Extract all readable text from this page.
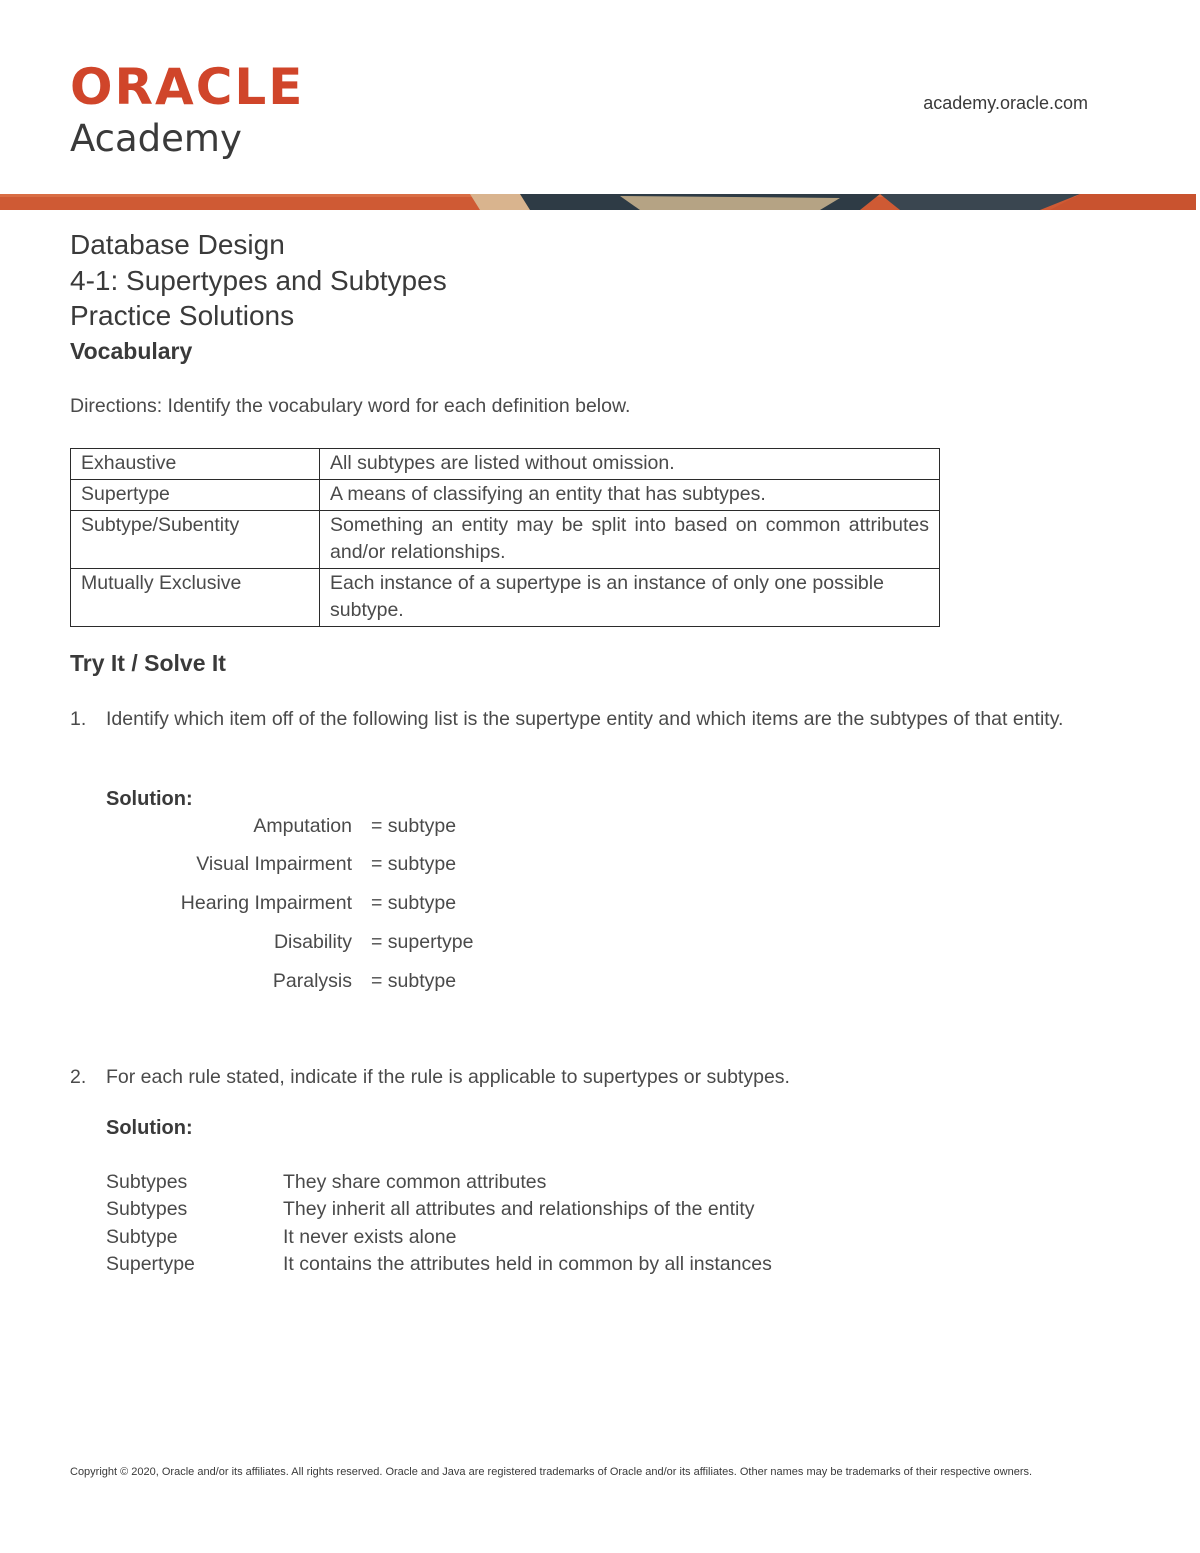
ORACLE
Academy
academy.oracle.com
Database Design
4-1: Supertypes and Subtypes
Practice Solutions
Vocabulary
Directions: Identify the vocabulary word for each definition below.
Exhaustive	All subtypes are listed without omission.
Supertype	A means of classifying an entity that has subtypes.
Subtype/Subentity	Something an entity may be split into based on common attributes and/or relationships.
Mutually Exclusive	Each instance of a supertype is an instance of only one possible subtype.
Try It / Solve It
1. Identify which item off of the following list is the supertype entity and which items are the subtypes of that entity.
Solution:
Amputation = subtype
Visual Impairment = subtype
Hearing Impairment = subtype
Disability = supertype
Paralysis = subtype
2. For each rule stated, indicate if the rule is applicable to supertypes or subtypes.
Solution:
Subtypes	They share common attributes
Subtypes	They inherit all attributes and relationships of the entity
Subtype	It never exists alone
Supertype	It contains the attributes held in common by all instances
Copyright © 2020, Oracle and/or its affiliates. All rights reserved. Oracle and Java are registered trademarks of Oracle and/or its affiliates. Other names may be trademarks of their respective owners.
